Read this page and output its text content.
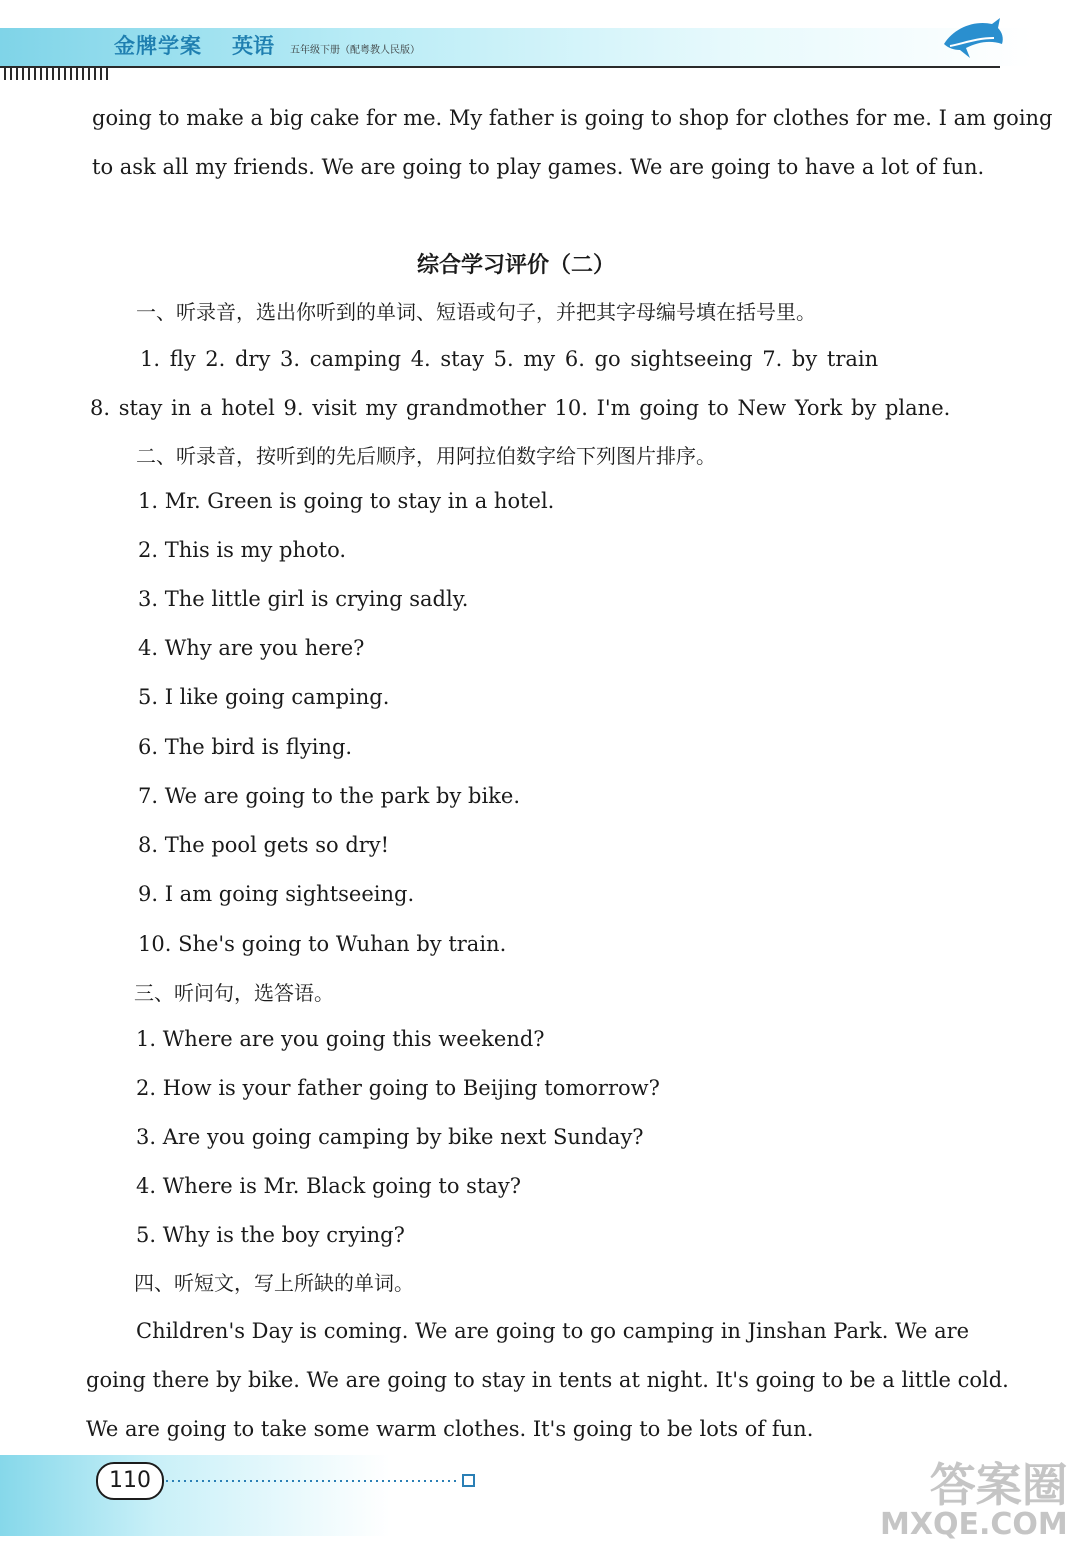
金牌学案 英语 五年级下册（配粤教人民版）
going to make a big cake for me. My father is going to shop for clothes for me. I am going
to ask all my friends. We are going to play games. We are going to have a lot of fun.
综合学习评价（二）
一、听录音，选出你听到的单词、短语或句子，并把其字母编号填在括号里。
1. fly 2. dry 3. camping 4. stay 5. my 6. go sightseeing 7. by train
8. stay in a hotel 9. visit my grandmother 10. I'm going to New York by plane.
二、听录音，按听到的先后顺序，用阿拉伯数字给下列图片排序。
1. Mr. Green is going to stay in a hotel.
2. This is my photo.
3. The little girl is crying sadly.
4. Why are you here?
5. I like going camping.
6. The bird is flying.
7. We are going to the park by bike.
8. The pool gets so dry!
9. I am going sightseeing.
10. She's going to Wuhan by train.
三、听问句，选答语。
1. Where are you going this weekend?
2. How is your father going to Beijing tomorrow?
3. Are you going camping by bike next Sunday?
4. Where is Mr. Black going to stay?
5. Why is the boy crying?
四、听短文，写上所缺的单词。
Children's Day is coming. We are going to go camping in Jinshan Park. We are
going there by bike. We are going to stay in tents at night. It's going to be a little cold.
We are going to take some warm clothes. It's going to be lots of fun.
110	答案圈
MXQE.COM
